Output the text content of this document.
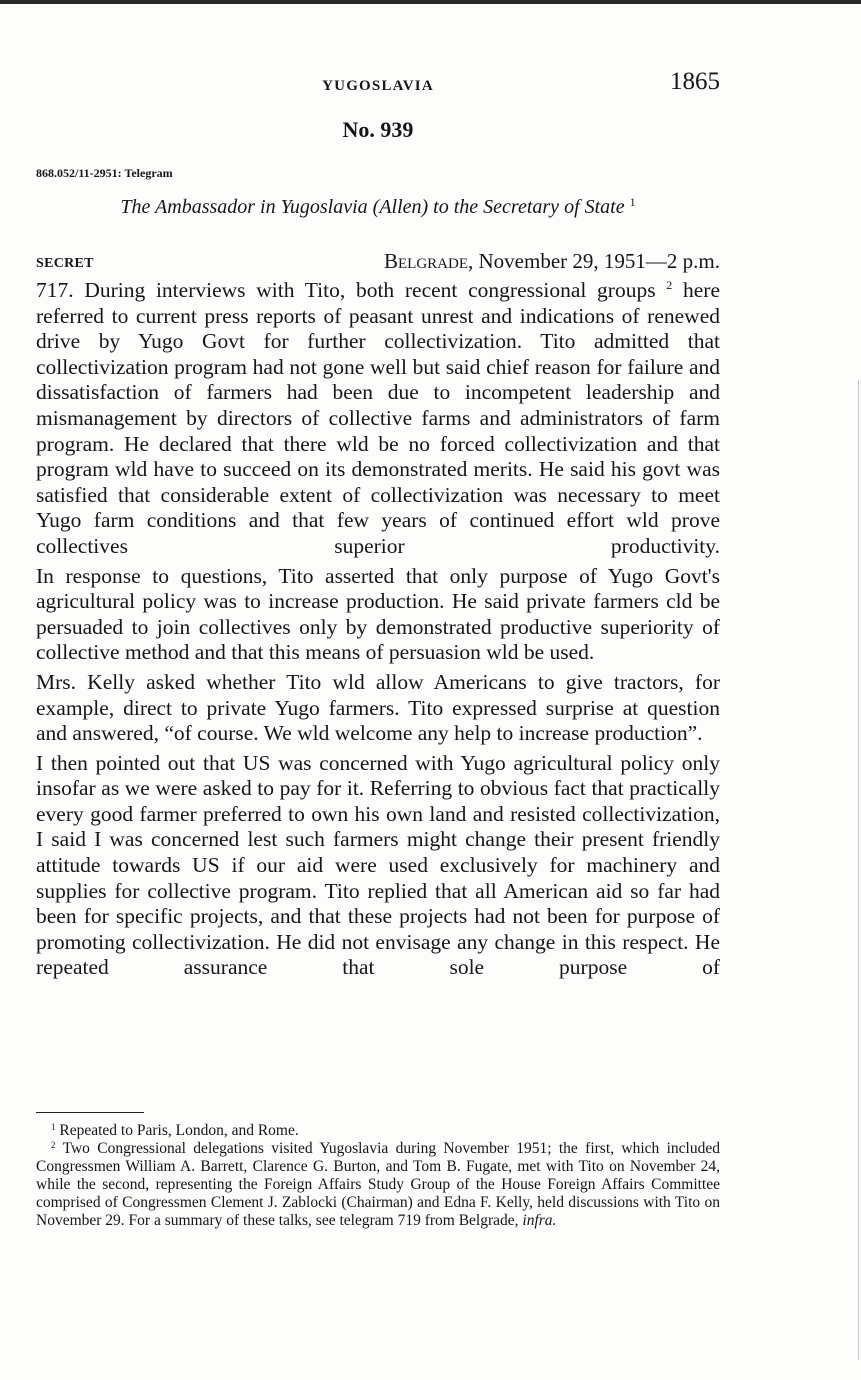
YUGOSLAVIA	1865
No. 939
868.052/11-2951: Telegram
The Ambassador in Yugoslavia (Allen) to the Secretary of State $^1$
SECRET	Belgrade, November 29, 1951—2 p.m.

717. During interviews with Tito, both recent congressional groups $^2$ here referred to current press reports of peasant unrest and indications of renewed drive by Yugo Govt for further collectivization. Tito admitted that collectivization program had not gone well but said chief reason for failure and dissatisfaction of farmers had been due to incompetent leadership and mismanagement by directors of collective farms and administrators of farm program. He declared that there wld be no forced collectivization and that program wld have to succeed on its demonstrated merits. He said his govt was satisfied that considerable extent of collectivization was necessary to meet Yugo farm conditions and that few years of continued effort wld prove collectives superior productivity.

In response to questions, Tito asserted that only purpose of Yugo Govt's agricultural policy was to increase production. He said private farmers cld be persuaded to join collectives only by demonstrated productive superiority of collective method and that this means of persuasion wld be used.

Mrs. Kelly asked whether Tito wld allow Americans to give tractors, for example, direct to private Yugo farmers. Tito expressed surprise at question and answered, “of course. We wld welcome any help to increase production”.

I then pointed out that US was concerned with Yugo agricultural policy only insofar as we were asked to pay for it. Referring to obvious fact that practically every good farmer preferred to own his own land and resisted collectivization, I said I was concerned lest such farmers might change their present friendly attitude towards US if our aid were used exclusively for machinery and supplies for collective program. Tito replied that all American aid so far had been for specific projects, and that these projects had not been for purpose of promoting collectivization. He did not envisage any change in this respect. He repeated assurance that sole purpose of

$^1$ Repeated to Paris, London, and Rome.

$^2$ Two Congressional delegations visited Yugoslavia during November 1951; the first, which included Congressmen William A. Barrett, Clarence G. Burton, and Tom B. Fugate, met with Tito on November 24, while the second, representing the Foreign Affairs Study Group of the House Foreign Affairs Committee comprised of Congressmen Clement J. Zablocki (Chairman) and Edna F. Kelly, held discussions with Tito on November 29. For a summary of these talks, see telegram 719 from Belgrade, infra.
